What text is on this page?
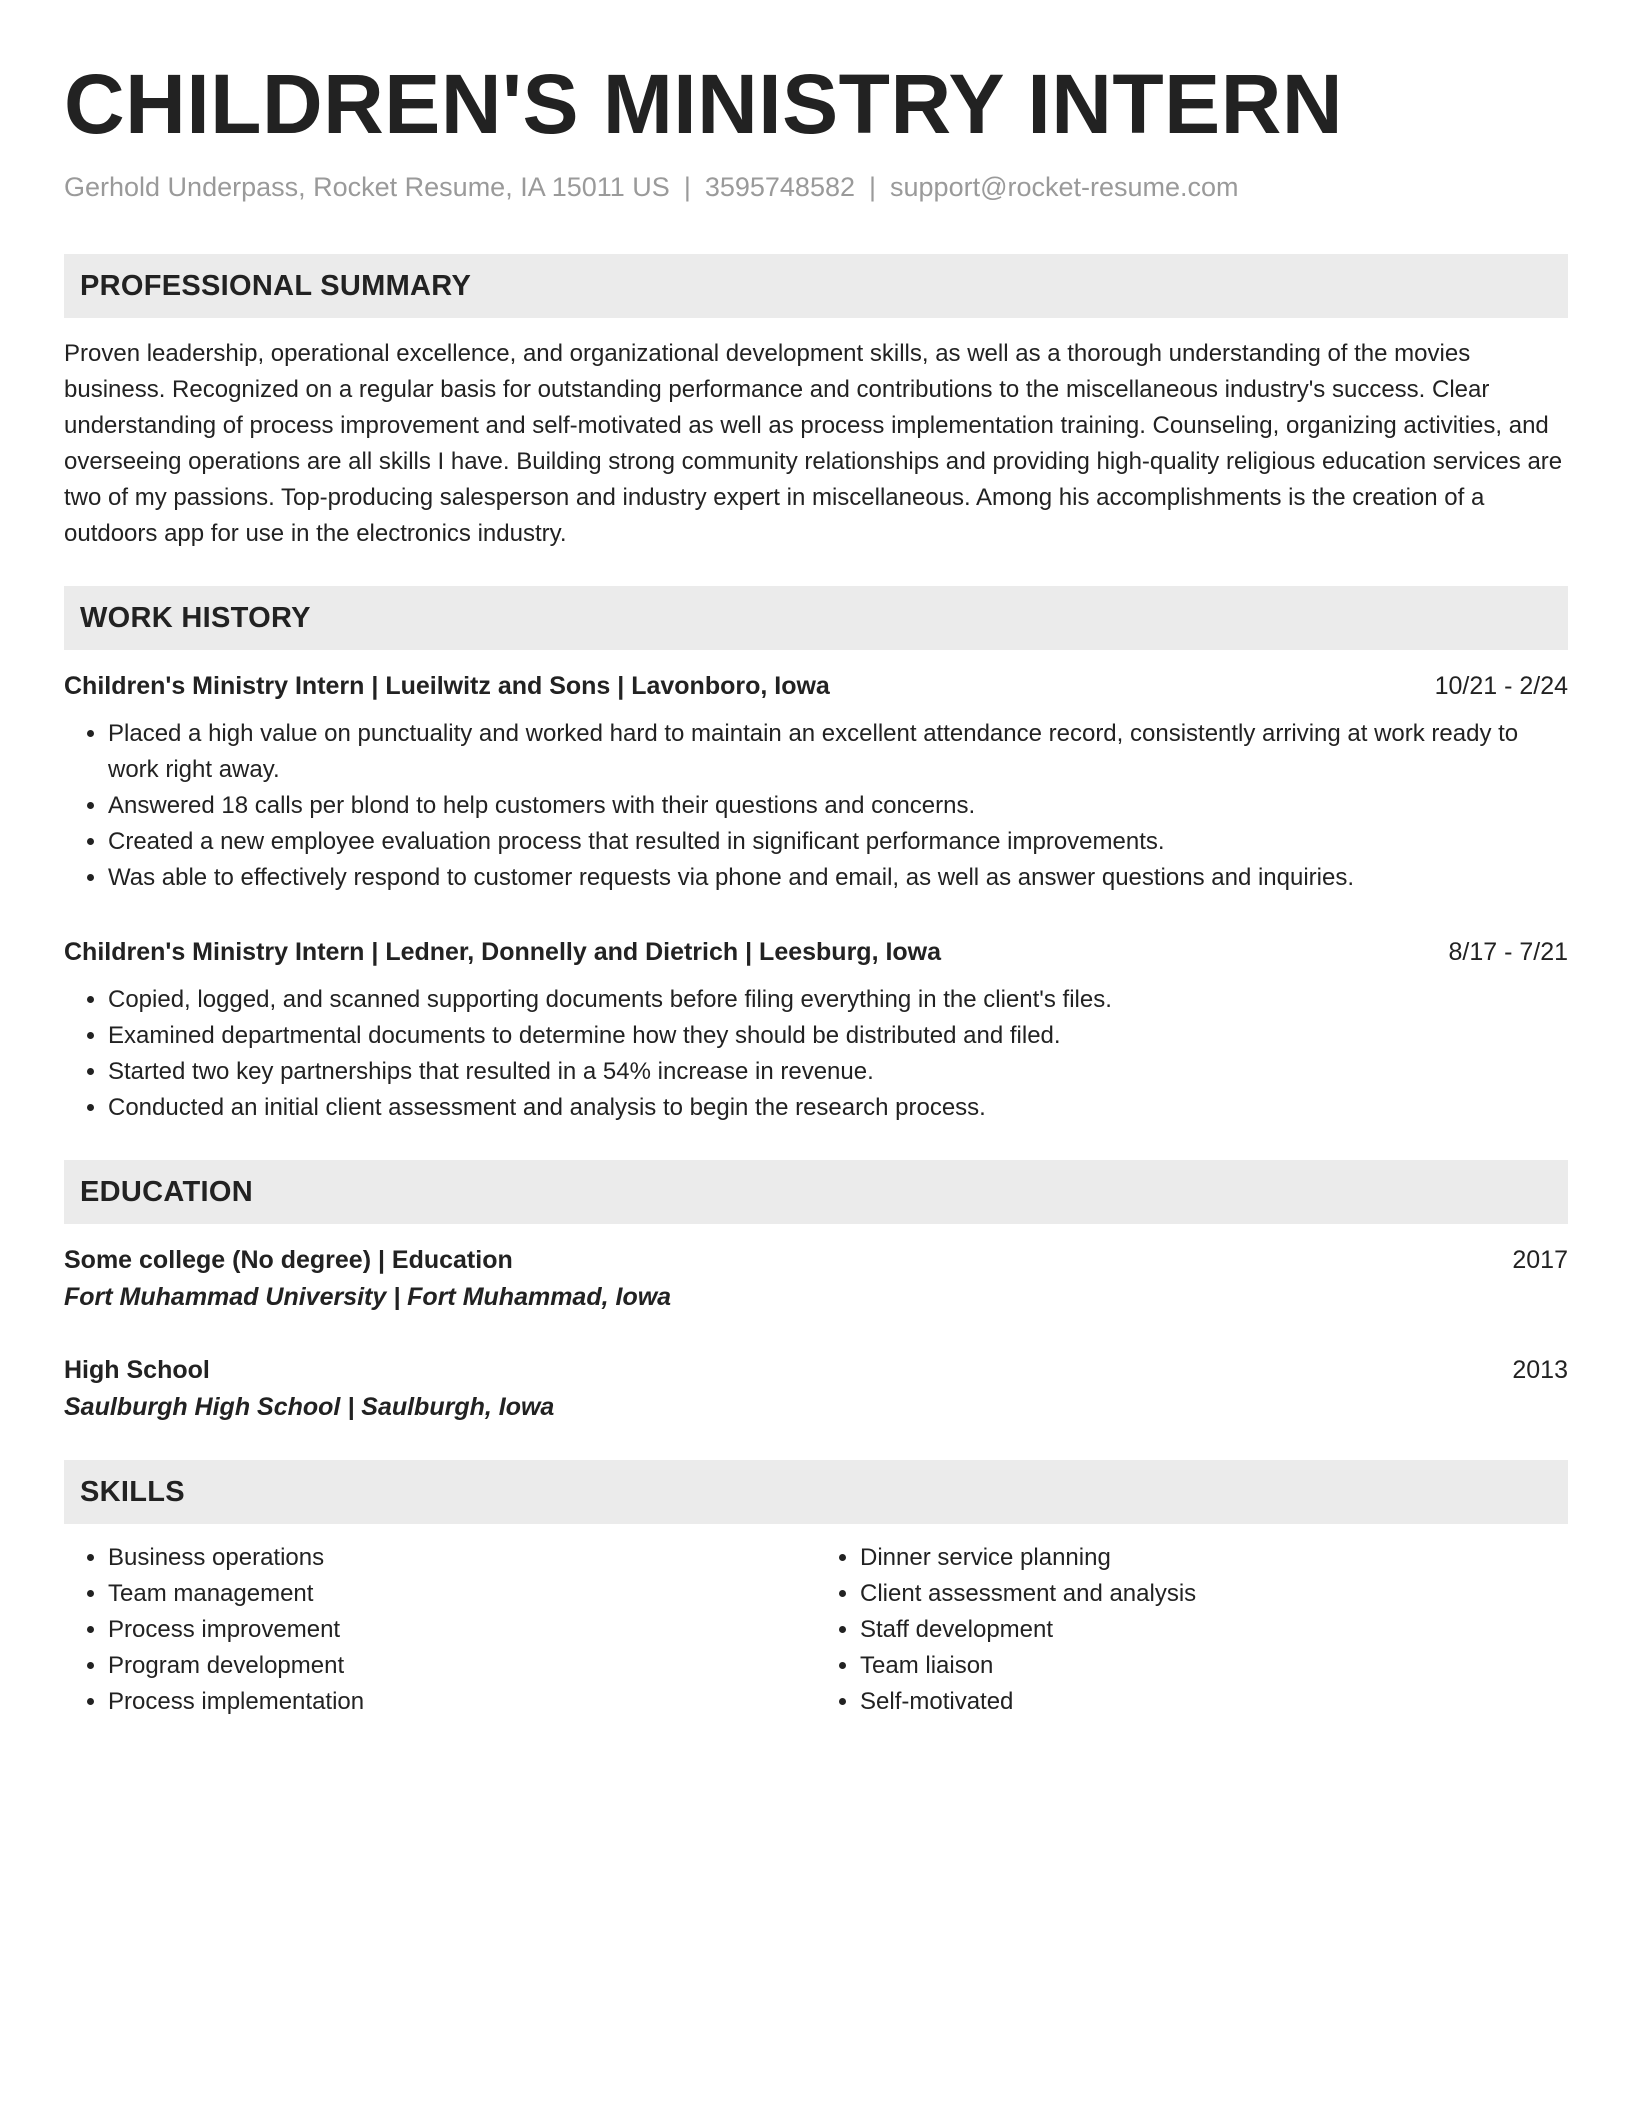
CHILDREN'S MINISTRY INTERN
Gerhold Underpass, Rocket Resume, IA 15011 US | 3595748582 | support@rocket-resume.com
PROFESSIONAL SUMMARY
Proven leadership, operational excellence, and organizational development skills, as well as a thorough understanding of the movies business. Recognized on a regular basis for outstanding performance and contributions to the miscellaneous industry's success. Clear understanding of process improvement and self-motivated as well as process implementation training. Counseling, organizing activities, and overseeing operations are all skills I have. Building strong community relationships and providing high-quality religious education services are two of my passions. Top-producing salesperson and industry expert in miscellaneous. Among his accomplishments is the creation of a outdoors app for use in the electronics industry.
WORK HISTORY
Children's Ministry Intern | Lueilwitz and Sons | Lavonboro, Iowa	10/21 - 2/24
• Placed a high value on punctuality and worked hard to maintain an excellent attendance record, consistently arriving at work ready to work right away.
• Answered 18 calls per blond to help customers with their questions and concerns.
• Created a new employee evaluation process that resulted in significant performance improvements.
• Was able to effectively respond to customer requests via phone and email, as well as answer questions and inquiries.
Children's Ministry Intern | Ledner, Donnelly and Dietrich | Leesburg, Iowa	8/17 - 7/21
• Copied, logged, and scanned supporting documents before filing everything in the client's files.
• Examined departmental documents to determine how they should be distributed and filed.
• Started two key partnerships that resulted in a 54% increase in revenue.
• Conducted an initial client assessment and analysis to begin the research process.
EDUCATION
Some college (No degree) | Education	2017
Fort Muhammad University | Fort Muhammad, Iowa
High School	2013
Saulburgh High School | Saulburgh, Iowa
SKILLS
• Business operations
• Team management
• Process improvement
• Program development
• Process implementation
• Dinner service planning
• Client assessment and analysis
• Staff development
• Team liaison
• Self-motivated
